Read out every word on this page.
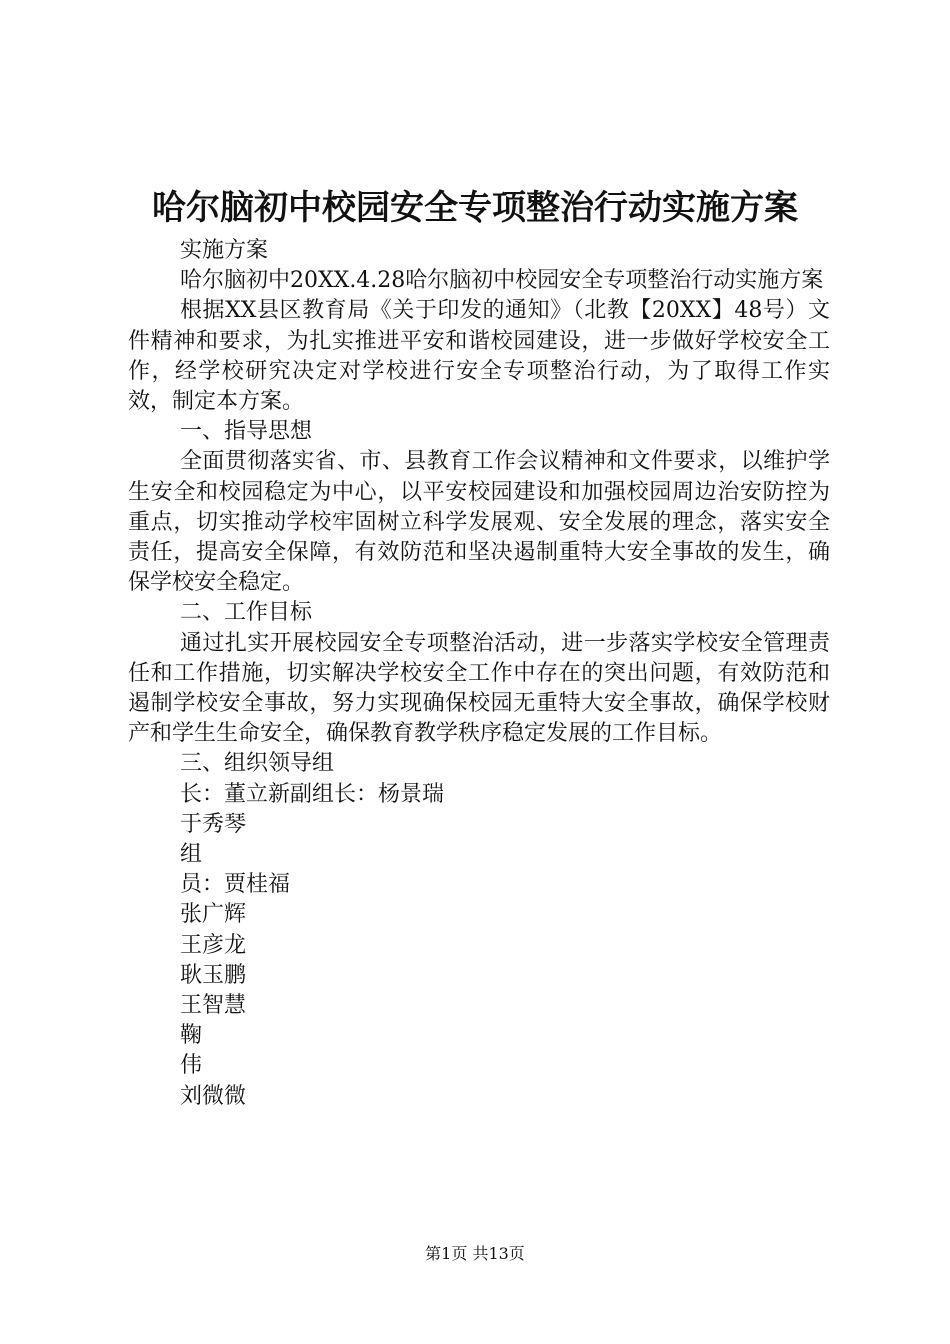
哈尔脑初中校园安全专项整治行动实施方案

实施方案

哈尔脑初中20XX.4.28哈尔脑初中校园安全专项整治行动实施方案

根据XX县区教育局《关于印发的通知》（北教【20XX】48号）文件精神和要求，为扎实推进平安和谐校园建设，进一步做好学校安全工作，经学校研究决定对学校进行安全专项整治行动，为了取得工作实效，制定本方案。

一、指导思想

全面贯彻落实省、市、县教育工作会议精神和文件要求，以维护学生安全和校园稳定为中心，以平安校园建设和加强校园周边治安防控为重点，切实推动学校牢固树立科学发展观、安全发展的理念，落实安全责任，提高安全保障，有效防范和坚决遏制重特大安全事故的发生，确保学校安全稳定。

二、工作目标

通过扎实开展校园安全专项整治活动，进一步落实学校安全管理责任和工作措施，切实解决学校安全工作中存在的突出问题，有效防范和遏制学校安全事故，努力实现确保校园无重特大安全事故，确保学校财产和学生生命安全，确保教育教学秩序稳定发展的工作目标。

三、组织领导组

长：董立新副组长：杨景瑞

于秀琴

组

员：贾桂福

张广辉

王彦龙

耿玉鹏

王智慧

鞠

伟

刘微微

第1页 共13页
